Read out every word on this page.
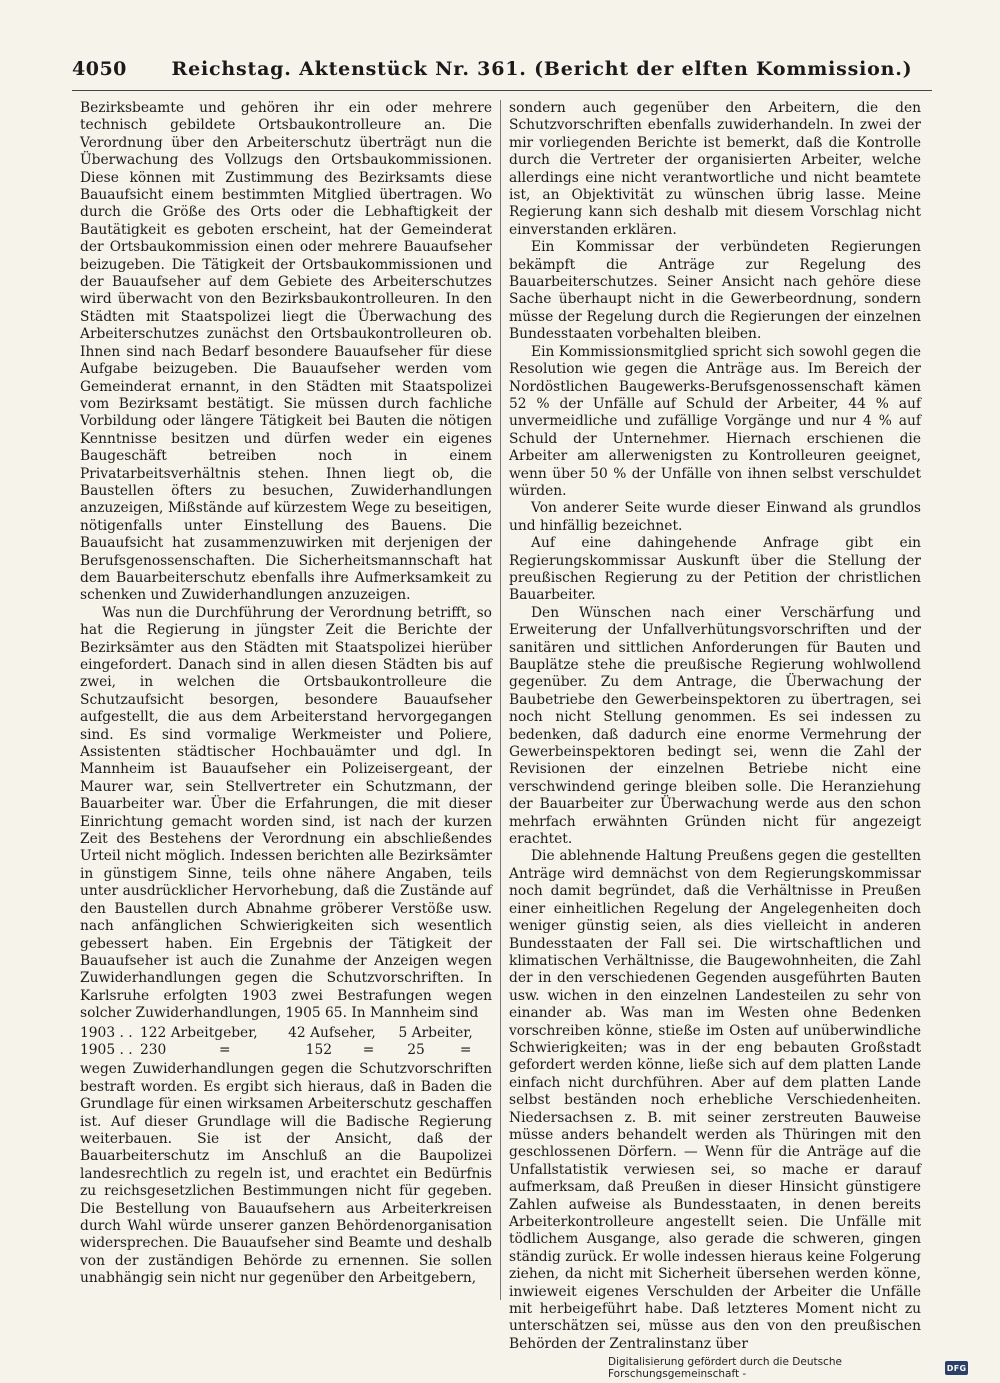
4050	Reichstag. Aktenstück Nr. 361. (Bericht der elften Kommission.)

Bezirksbeamte und gehören ihr ein oder mehrere technisch gebildete Ortsbaukontrolleure an. Die Verordnung über den Arbeiterschutz überträgt nun die Überwachung des Vollzugs den Ortsbaukommissionen. Diese können mit Zustimmung des Bezirksamts diese Bauaufsicht einem bestimmten Mitglied übertragen. Wo durch die Größe des Orts oder die Lebhaftigkeit der Bautätigkeit es geboten erscheint, hat der Gemeinderat der Ortsbaukommission einen oder mehrere Bauaufseher beizugeben. Die Tätigkeit der Ortsbaukommissionen und der Bauaufseher auf dem Gebiete des Arbeiterschutzes wird überwacht von den Bezirksbaukontrolleuren. In den Städten mit Staatspolizei liegt die Überwachung des Arbeiterschutzes zunächst den Ortsbaukontrolleuren ob. Ihnen sind nach Bedarf besondere Bauaufseher für diese Aufgabe beizugeben. Die Bauaufseher werden vom Gemeinderat ernannt, in den Städten mit Staatspolizei vom Bezirksamt bestätigt. Sie müssen durch fachliche Vorbildung oder längere Tätigkeit bei Bauten die nötigen Kenntnisse besitzen und dürfen weder ein eigenes Baugeschäft betreiben noch in einem Privatarbeitsverhältnis stehen. Ihnen liegt ob, die Baustellen öfters zu besuchen, Zuwiderhandlungen anzuzeigen, Mißstände auf kürzestem Wege zu beseitigen, nötigenfalls unter Einstellung des Bauens. Die Bauaufsicht hat zusammenzuwirken mit derjenigen der Berufsgenossenschaften. Die Sicherheitsmannschaft hat dem Bauarbeiterschutz ebenfalls ihre Aufmerksamkeit zu schenken und Zuwiderhandlungen anzuzeigen.

Was nun die Durchführung der Verordnung betrifft, so hat die Regierung in jüngster Zeit die Berichte der Bezirksämter aus den Städten mit Staatspolizei hierüber eingefordert. Danach sind in allen diesen Städten bis auf zwei, in welchen die Ortsbaukontrolleure die Schutzaufsicht besorgen, besondere Bauaufseher aufgestellt, die aus dem Arbeiterstand hervorgegangen sind. Es sind vormalige Werkmeister und Poliere, Assistenten städtischer Hochbauämter und dgl. In Mannheim ist Bauaufseher ein Polizeisergeant, der Maurer war, sein Stellvertreter ein Schutzmann, der Bauarbeiter war. Über die Erfahrungen, die mit dieser Einrichtung gemacht worden sind, ist nach der kurzen Zeit des Bestehens der Verordnung ein abschließendes Urteil nicht möglich. Indessen berichten alle Bezirksämter in günstigem Sinne, teils ohne nähere Angaben, teils unter ausdrücklicher Hervorhebung, daß die Zustände auf den Baustellen durch Abnahme gröberer Verstöße usw. nach anfänglichen Schwierigkeiten sich wesentlich gebessert haben. Ein Ergebnis der Tätigkeit der Bauaufseher ist auch die Zunahme der Anzeigen wegen Zuwiderhandlungen gegen die Schutzvorschriften. In Karlsruhe erfolgten 1903 zwei Bestrafungen wegen solcher Zuwiderhandlungen, 1905 65. In Mannheim sind

1903 . .	122 Arbeitgeber,	42 Aufseher,	5 Arbeiter,
1905 . .	230 =	152 =	25 =

wegen Zuwiderhandlungen gegen die Schutzvorschriften bestraft worden. Es ergibt sich hieraus, daß in Baden die Grundlage für einen wirksamen Arbeiterschutz geschaffen ist. Auf dieser Grundlage will die Badische Regierung weiterbauen. Sie ist der Ansicht, daß der Bauarbeiterschutz im Anschluß an die Baupolizei landesrechtlich zu regeln ist, und erachtet ein Bedürfnis zu reichsgesetzlichen Bestimmungen nicht für gegeben. Die Bestellung von Bauaufsehern aus Arbeiterkreisen durch Wahl würde unserer ganzen Behördenorganisation widersprechen. Die Bauaufseher sind Beamte und deshalb von der zuständigen Behörde zu ernennen. Sie sollen unabhängig sein nicht nur gegenüber den Arbeitgebern,

sondern auch gegenüber den Arbeitern, die den Schutzvorschriften ebenfalls zuwiderhandeln. In zwei der mir vorliegenden Berichte ist bemerkt, daß die Kontrolle durch die Vertreter der organisierten Arbeiter, welche allerdings eine nicht verantwortliche und nicht beamtete ist, an Objektivität zu wünschen übrig lasse. Meine Regierung kann sich deshalb mit diesem Vorschlag nicht einverstanden erklären.

Ein Kommissar der verbündeten Regierungen bekämpft die Anträge zur Regelung des Bauarbeiterschutzes. Seiner Ansicht nach gehöre diese Sache überhaupt nicht in die Gewerbeordnung, sondern müsse der Regelung durch die Regierungen der einzelnen Bundesstaaten vorbehalten bleiben.

Ein Kommissionsmitglied spricht sich sowohl gegen die Resolution wie gegen die Anträge aus. Im Bereich der Nordöstlichen Baugewerks-Berufsgenossenschaft kämen 52 % der Unfälle auf Schuld der Arbeiter, 44 % auf unvermeidliche und zufällige Vorgänge und nur 4 % auf Schuld der Unternehmer. Hiernach erschienen die Arbeiter am allerwenigsten zu Kontrolleuren geeignet, wenn über 50 % der Unfälle von ihnen selbst verschuldet würden.

Von anderer Seite wurde dieser Einwand als grundlos und hinfällig bezeichnet.

Auf eine dahingehende Anfrage gibt ein Regierungskommissar Auskunft über die Stellung der preußischen Regierung zu der Petition der christlichen Bauarbeiter.

Den Wünschen nach einer Verschärfung und Erweiterung der Unfallverhütungsvorschriften und der sanitären und sittlichen Anforderungen für Bauten und Bauplätze stehe die preußische Regierung wohlwollend gegenüber. Zu dem Antrage, die Überwachung der Baubetriebe den Gewerbeinspektoren zu übertragen, sei noch nicht Stellung genommen. Es sei indessen zu bedenken, daß dadurch eine enorme Vermehrung der Gewerbeinspektoren bedingt sei, wenn die Zahl der Revisionen der einzelnen Betriebe nicht eine verschwindend geringe bleiben solle. Die Heranziehung der Bauarbeiter zur Überwachung werde aus den schon mehrfach erwähnten Gründen nicht für angezeigt erachtet.

Die ablehnende Haltung Preußens gegen die gestellten Anträge wird demnächst von dem Regierungskommissar noch damit begründet, daß die Verhältnisse in Preußen einer einheitlichen Regelung der Angelegenheiten doch weniger günstig seien, als dies vielleicht in anderen Bundesstaaten der Fall sei. Die wirtschaftlichen und klimatischen Verhältnisse, die Baugewohnheiten, die Zahl der in den verschiedenen Gegenden ausgeführten Bauten usw. wichen in den einzelnen Landesteilen zu sehr von einander ab. Was man im Westen ohne Bedenken vorschreiben könne, stieße im Osten auf unüberwindliche Schwierigkeiten; was in der eng bebauten Großstadt gefordert werden könne, ließe sich auf dem platten Lande einfach nicht durchführen. Aber auf dem platten Lande selbst beständen noch erhebliche Verschiedenheiten. Niedersachsen z. B. mit seiner zerstreuten Bauweise müsse anders behandelt werden als Thüringen mit den geschlossenen Dörfern. — Wenn für die Anträge auf die Unfallstatistik verwiesen sei, so mache er darauf aufmerksam, daß Preußen in dieser Hinsicht günstigere Zahlen aufweise als Bundesstaaten, in denen bereits Arbeiterkontrolleure angestellt seien. Die Unfälle mit tödlichem Ausgange, also gerade die schweren, gingen ständig zurück. Er wolle indessen hieraus keine Folgerung ziehen, da nicht mit Sicherheit übersehen werden könne, inwieweit eigenes Verschulden der Arbeiter die Unfälle mit herbeigeführt habe. Daß letzteres Moment nicht zu unterschätzen sei, müsse aus den von den preußischen Behörden der Zentralinstanz über

Digitalisierung gefördert durch die Deutsche Forschungsgemeinschaft -	DFG
